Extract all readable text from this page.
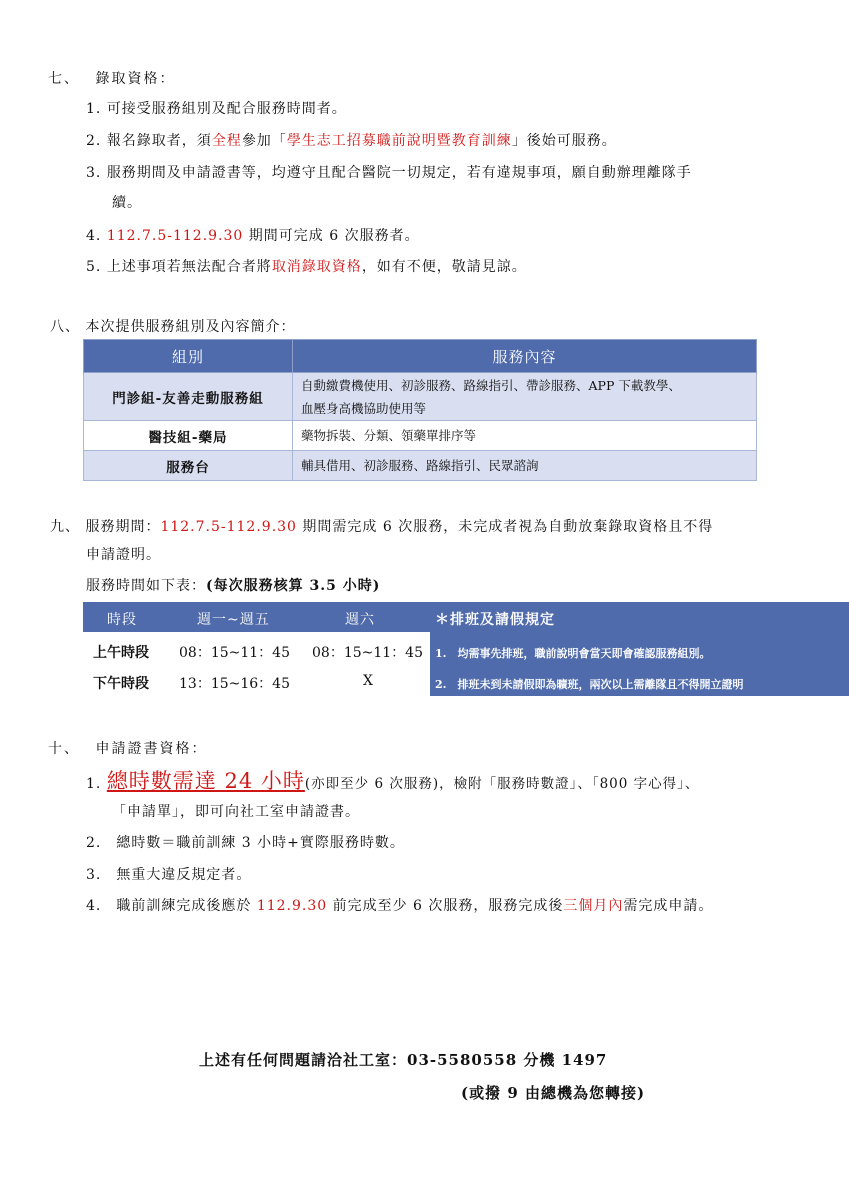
七、　 錄取資格：
1. 可接受服務組別及配合服務時間者。
2. 報名錄取者，須全程參加「學生志工招募職前說明暨教育訓練」後始可服務。
3. 服務期間及申請證書等，均遵守且配合醫院一切規定，若有違規事項，願自動辦理離隊手
續。
4. 112.7.5-112.9.30 期間可完成 6 次服務者。
5. 上述事項若無法配合者將取消錄取資格，如有不便，敬請見諒。
八、 本次提供服務組別及內容簡介：
組別	服務內容
門診組-友善走動服務組	自動繳費機使用、初診服務、路線指引、帶診服務、APP 下載教學、
血壓身高機協助使用等

醫技組-藥局	藥物拆裝、分類、領藥單排序等
服務台	輔具借用、初診服務、路線指引、民眾諮詢
九、 服務期間：112.7.5-112.9.30 期間需完成 6 次服務，未完成者視為自動放棄錄取資格且不得
申請證明。
服務時間如下表：(每次服務核算 3.5 小時)
時段	週一~週五	週六	＊排班及請假規定
上午時段 08：15~11：45 08：15~11：45 1.　均需事先排班，職前說明會當天即會確認服務組別。
下午時段 13：15~16：45	X	2.　排班未到未請假即為曠班，兩次以上需離隊且不得開立證明
十、　 申請證書資格：
1. 總時數需達 24 小時(亦即至少 6 次服務)，檢附「服務時數證」、「800 字心得」、
「申請單」，即可向社工室申請證書。
2.　總時數＝職前訓練 3 小時+實際服務時數。
3.　無重大違反規定者。
4.　職前訓練完成後應於 112.9.30 前完成至少 6 次服務，服務完成後三個月內需完成申請。
上述有任何問題請洽社工室：03-5580558 分機 1497
(或撥 9 由總機為您轉接)
